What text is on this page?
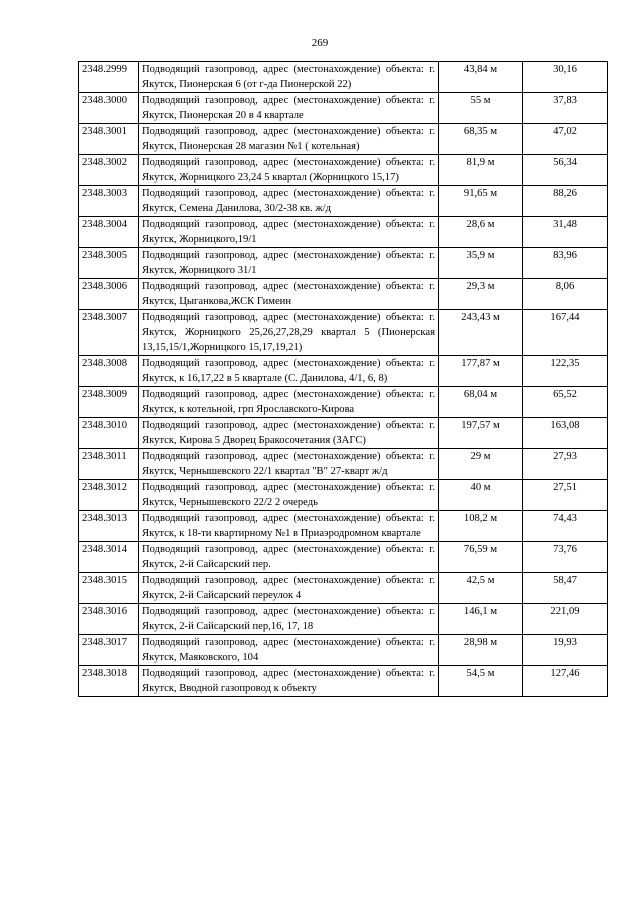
269
2348.2999	Подводящий газопровод, адрес (местонахождение) объекта: г. Якутск, Пионерская 6 (от г-да Пионерской 22)	43,84 м	30,16
2348.3000	Подводящий газопровод, адрес (местонахождение) объекта: г. Якутск, Пионерская 20 в 4 квартале	55 м	37,83
2348.3001	Подводящий газопровод, адрес (местонахождение) объекта: г. Якутск, Пионерская 28 магазин №1 ( котельная)	68,35 м	47,02
2348.3002	Подводящий газопровод, адрес (местонахождение) объекта: г. Якутск, Жорницкого 23,24 5 квартал (Жорницкого 15,17)	81,9 м	56,34
2348.3003	Подводящий газопровод, адрес (местонахождение) объекта: г. Якутск, Семена Данилова, 30/2-38 кв. ж/д	91,65 м	88,26
2348.3004	Подводящий газопровод, адрес (местонахождение) объекта: г. Якутск, Жорницкого,19/1	28,6 м	31,48
2348.3005	Подводящий газопровод, адрес (местонахождение) объекта: г. Якутск, Жорницкого 31/1	35,9 м	83,96
2348.3006	Подводящий газопровод, адрес (местонахождение) объекта: г. Якутск, Цыганкова,ЖСК Гимеин	29,3 м	8,06
2348.3007	Подводящий газопровод, адрес (местонахождение) объекта: г. Якутск, Жорницкого 25,26,27,28,29 квартал 5 (Пионерская 13,15,15/1,Жорницкого 15,17,19,21)	243,43 м	167,44
2348.3008	Подводящий газопровод, адрес (местонахождение) объекта: г. Якутск, к 16,17,22 в 5 квартале (С. Данилова, 4/1, 6, 8)	177,87 м	122,35
2348.3009	Подводящий газопровод, адрес (местонахождение) объекта: г. Якутск, к котельной, грп Ярославского-Кирова	68,04 м	65,52
2348.3010	Подводящий газопровод, адрес (местонахождение) объекта: г. Якутск, Кирова 5 Дворец Бракосочетания (ЗАГС)	197,57 м	163,08
2348.3011	Подводящий газопровод, адрес (местонахождение) объекта: г. Якутск, Чернышевского 22/1 квартал "В" 27-кварт ж/д	29 м	27,93
2348.3012	Подводящий газопровод, адрес (местонахождение) объекта: г. Якутск, Чернышевского 22/2 2 очередь	40 м	27,51
2348.3013	Подводящий газопровод, адрес (местонахождение) объекта: г. Якутск, к 18-ти квартирному №1 в Приаэродромном квартале	108,2 м	74,43
2348.3014	Подводящий газопровод, адрес (местонахождение) объекта: г. Якутск, 2-й Сайсарский пер.	76,59 м	73,76
2348.3015	Подводящий газопровод, адрес (местонахождение) объекта: г. Якутск, 2-й Сайсарский переулок 4	42,5 м	58,47
2348.3016	Подводящий газопровод, адрес (местонахождение) объекта: г. Якутск, 2-й Сайсарский пер,16, 17, 18	146,1 м	221,09
2348.3017	Подводящий газопровод, адрес (местонахождение) объекта: г. Якутск, Маяковского, 104	28,98 м	19,93
2348.3018	Подводящий газопровод, адрес (местонахождение) объекта: г. Якутск, Вводной газопровод к объекту	54,5 м	127,46
